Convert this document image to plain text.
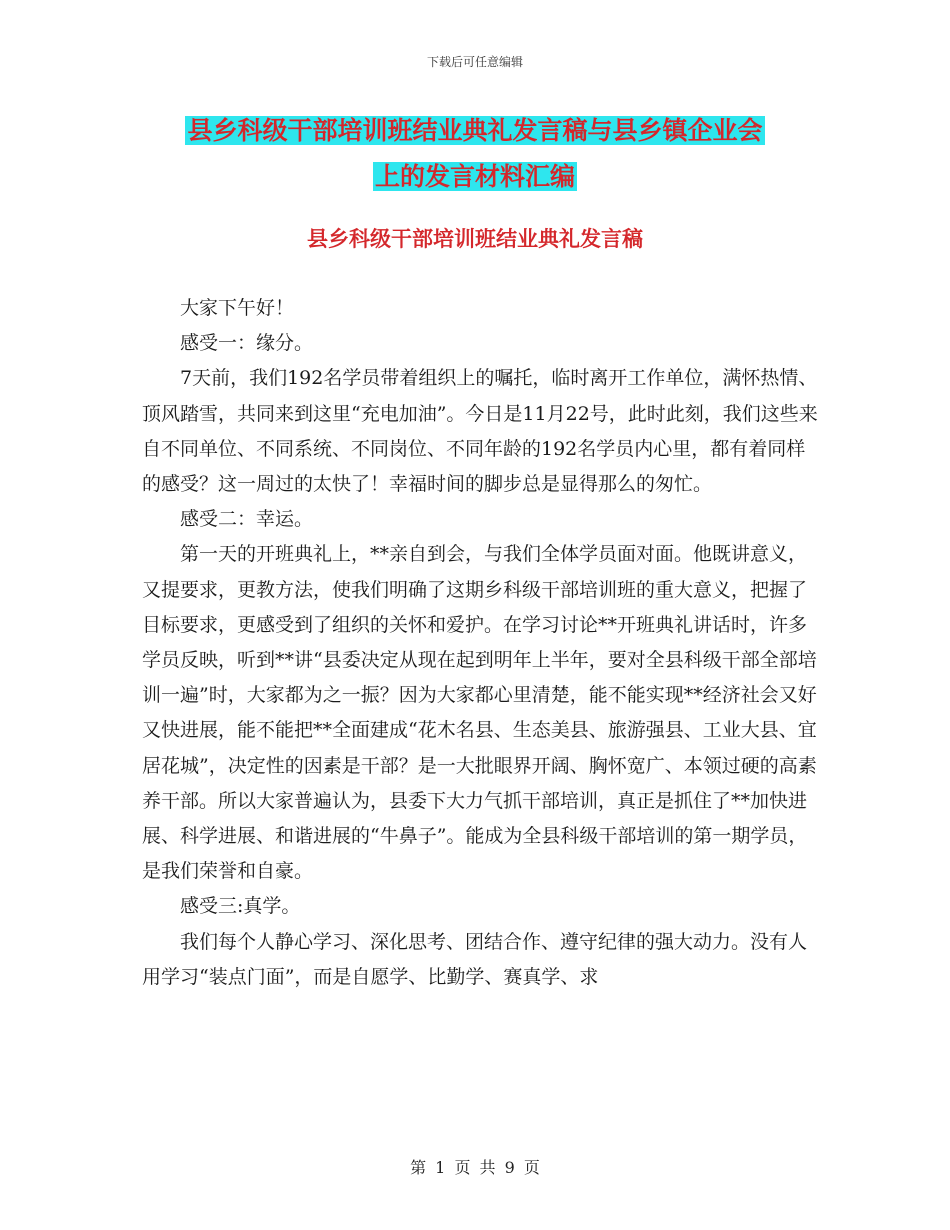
下载后可任意编辑
县乡科级干部培训班结业典礼发言稿与县乡镇企业会
上的发言材料汇编
县乡科级干部培训班结业典礼发言稿

大家下午好！

感受一：缘分。

7天前，我们192名学员带着组织上的嘱托，临时离开工作单位，满怀热情、顶风踏雪，共同来到这里“充电加油”。今日是11月22号，此时此刻，我们这些来自不同单位、不同系统、不同岗位、不同年龄的192名学员内心里，都有着同样的感受？这一周过的太快了！幸福时间的脚步总是显得那么的匆忙。

感受二：幸运。

第一天的开班典礼上，**亲自到会，与我们全体学员面对面。他既讲意义，又提要求，更教方法，使我们明确了这期乡科级干部培训班的重大意义，把握了目标要求，更感受到了组织的关怀和爱护。在学习讨论**开班典礼讲话时，许多学员反映，听到**讲“县委决定从现在起到明年上半年，要对全县科级干部全部培训一遍”时，大家都为之一振？因为大家都心里清楚，能不能实现**经济社会又好又快进展，能不能把**全面建成“花木名县、生态美县、旅游强县、工业大县、宜居花城”，决定性的因素是干部？是一大批眼界开阔、胸怀宽广、本领过硬的高素养干部。所以大家普遍认为，县委下大力气抓干部培训，真正是抓住了**加快进展、科学进展、和谐进展的“牛鼻子”。能成为全县科级干部培训的第一期学员，是我们荣誉和自豪。

感受三:真学。

我们每个人静心学习、深化思考、团结合作、遵守纪律的强大动力。没有人用学习“装点门面”，而是自愿学、比勤学、赛真学、求

第 1 页 共 9 页
